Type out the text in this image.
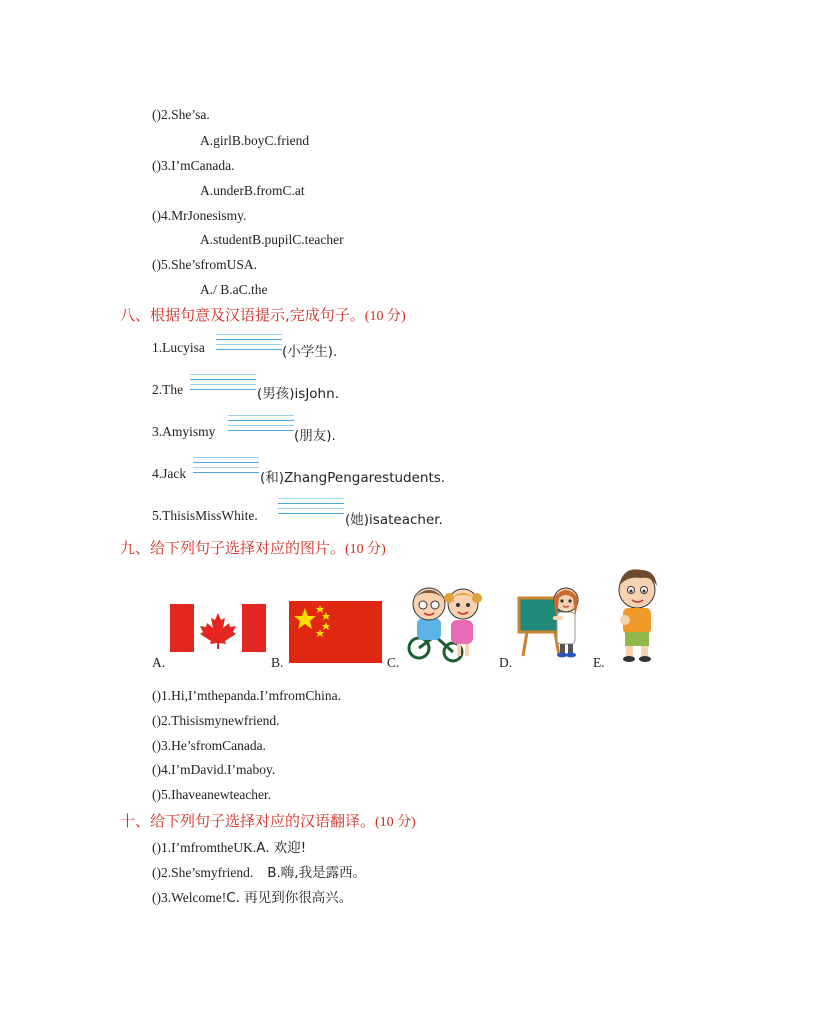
()2.She’sa.
A.girlB.boyC.friend
()3.I’mCanada.
A.underB.fromC.at
()4.MrJonesismy.
A.studentB.pupilC.teacher
()5.She’sfromUSA.
A./ B.aC.the
八、根据句意及汉语提示,完成句子。(10 分)
1.Lucyisa	(小学生).
2.The	(男孩)isJohn.
3.Amyismy	(朋友).
4.Jack	(和)ZhangPengarestudents.
5.ThisisMissWhite.	(她)isateacher.
九、给下列句子选择对应的图片。(10 分)
A.	B.	C.	D.	E.
()1.Hi,I’mthepanda.I’mfromChina.
()2.Thisismynewfriend.
()3.He’sfromCanada.
()4.I’mDavid.I’maboy.
()5.Ihaveanewteacher.
十、给下列句子选择对应的汉语翻译。(10 分)
()1.I’mfromtheUK.A. 欢迎!
()2.She’smyfriend. B.嗨,我是露西。
()3.Welcome!C. 再见到你很高兴。
